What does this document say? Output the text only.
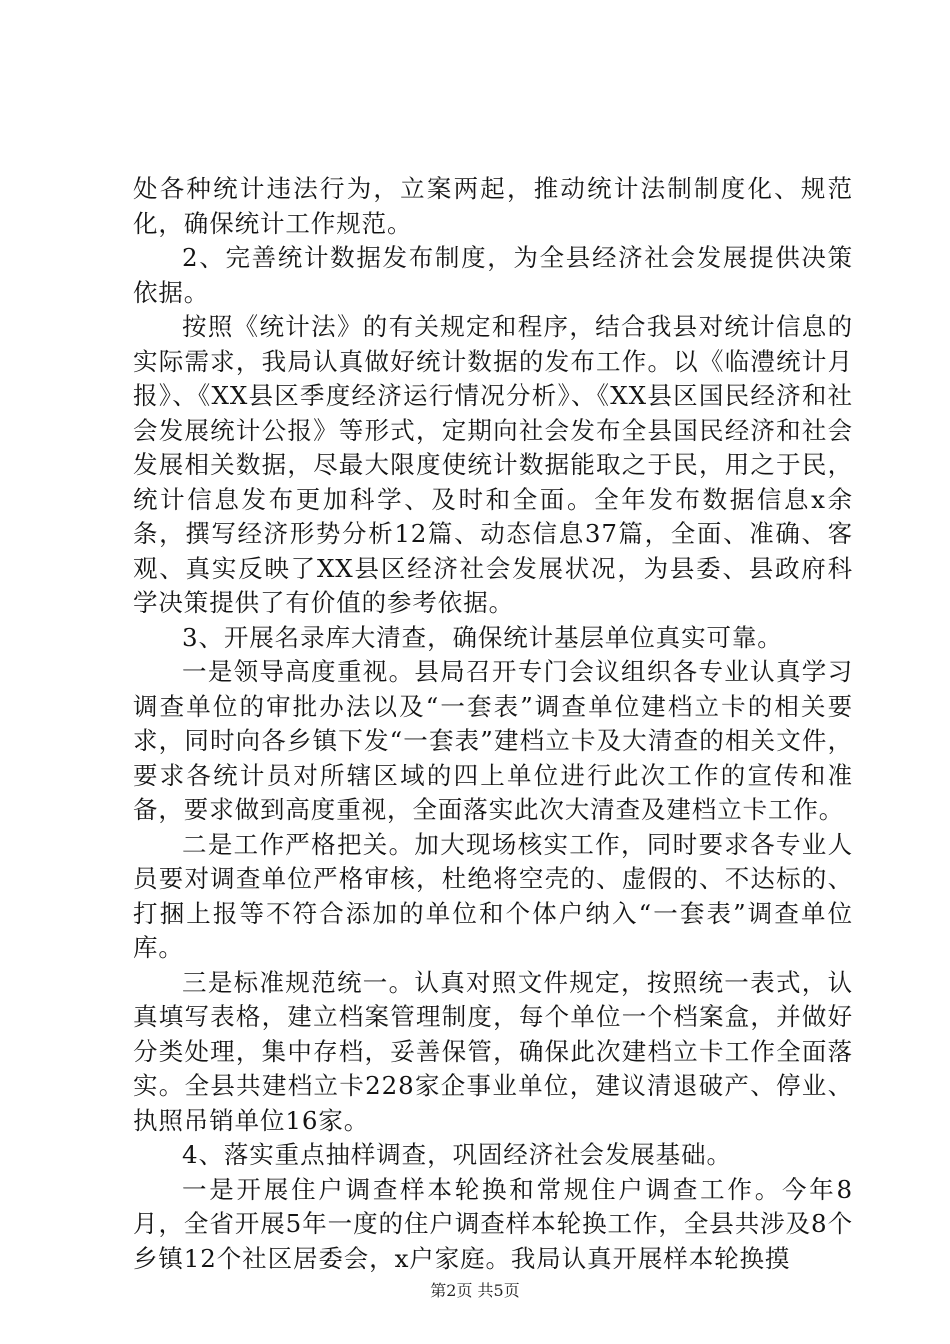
处各种统计违法行为，立案两起，推动统计法制制度化、规范化，确保统计工作规范。

2、完善统计数据发布制度，为全县经济社会发展提供决策依据。

按照《统计法》的有关规定和程序，结合我县对统计信息的实际需求，我局认真做好统计数据的发布工作。以《临澧统计月报》、《XX县区季度经济运行情况分析》、《XX县区国民经济和社会发展统计公报》等形式，定期向社会发布全县国民经济和社会发展相关数据，尽最大限度使统计数据能取之于民，用之于民，统计信息发布更加科学、及时和全面。全年发布数据信息x余条，撰写经济形势分析12篇、动态信息37篇，全面、准确、客观、真实反映了XX县区经济社会发展状况，为县委、县政府科学决策提供了有价值的参考依据。

3、开展名录库大清查，确保统计基层单位真实可靠。

一是领导高度重视。县局召开专门会议组织各专业认真学习调查单位的审批办法以及“一套表”调查单位建档立卡的相关要求，同时向各乡镇下发“一套表”建档立卡及大清查的相关文件，要求各统计员对所辖区域的四上单位进行此次工作的宣传和准备，要求做到高度重视，全面落实此次大清查及建档立卡工作。

二是工作严格把关。加大现场核实工作，同时要求各专业人员要对调查单位严格审核，杜绝将空壳的、虚假的、不达标的、打捆上报等不符合添加的单位和个体户纳入“一套表”调查单位库。

三是标准规范统一。认真对照文件规定，按照统一表式，认真填写表格，建立档案管理制度，每个单位一个档案盒，并做好分类处理，集中存档，妥善保管，确保此次建档立卡工作全面落实。全县共建档立卡228家企事业单位，建议清退破产、停业、执照吊销单位16家。

4、落实重点抽样调查，巩固经济社会发展基础。

一是开展住户调查样本轮换和常规住户调查工作。今年8月，全省开展5年一度的住户调查样本轮换工作，全县共涉及8个乡镇12个社区居委会，x户家庭。我局认真开展样本轮换摸

第2页 共5页
